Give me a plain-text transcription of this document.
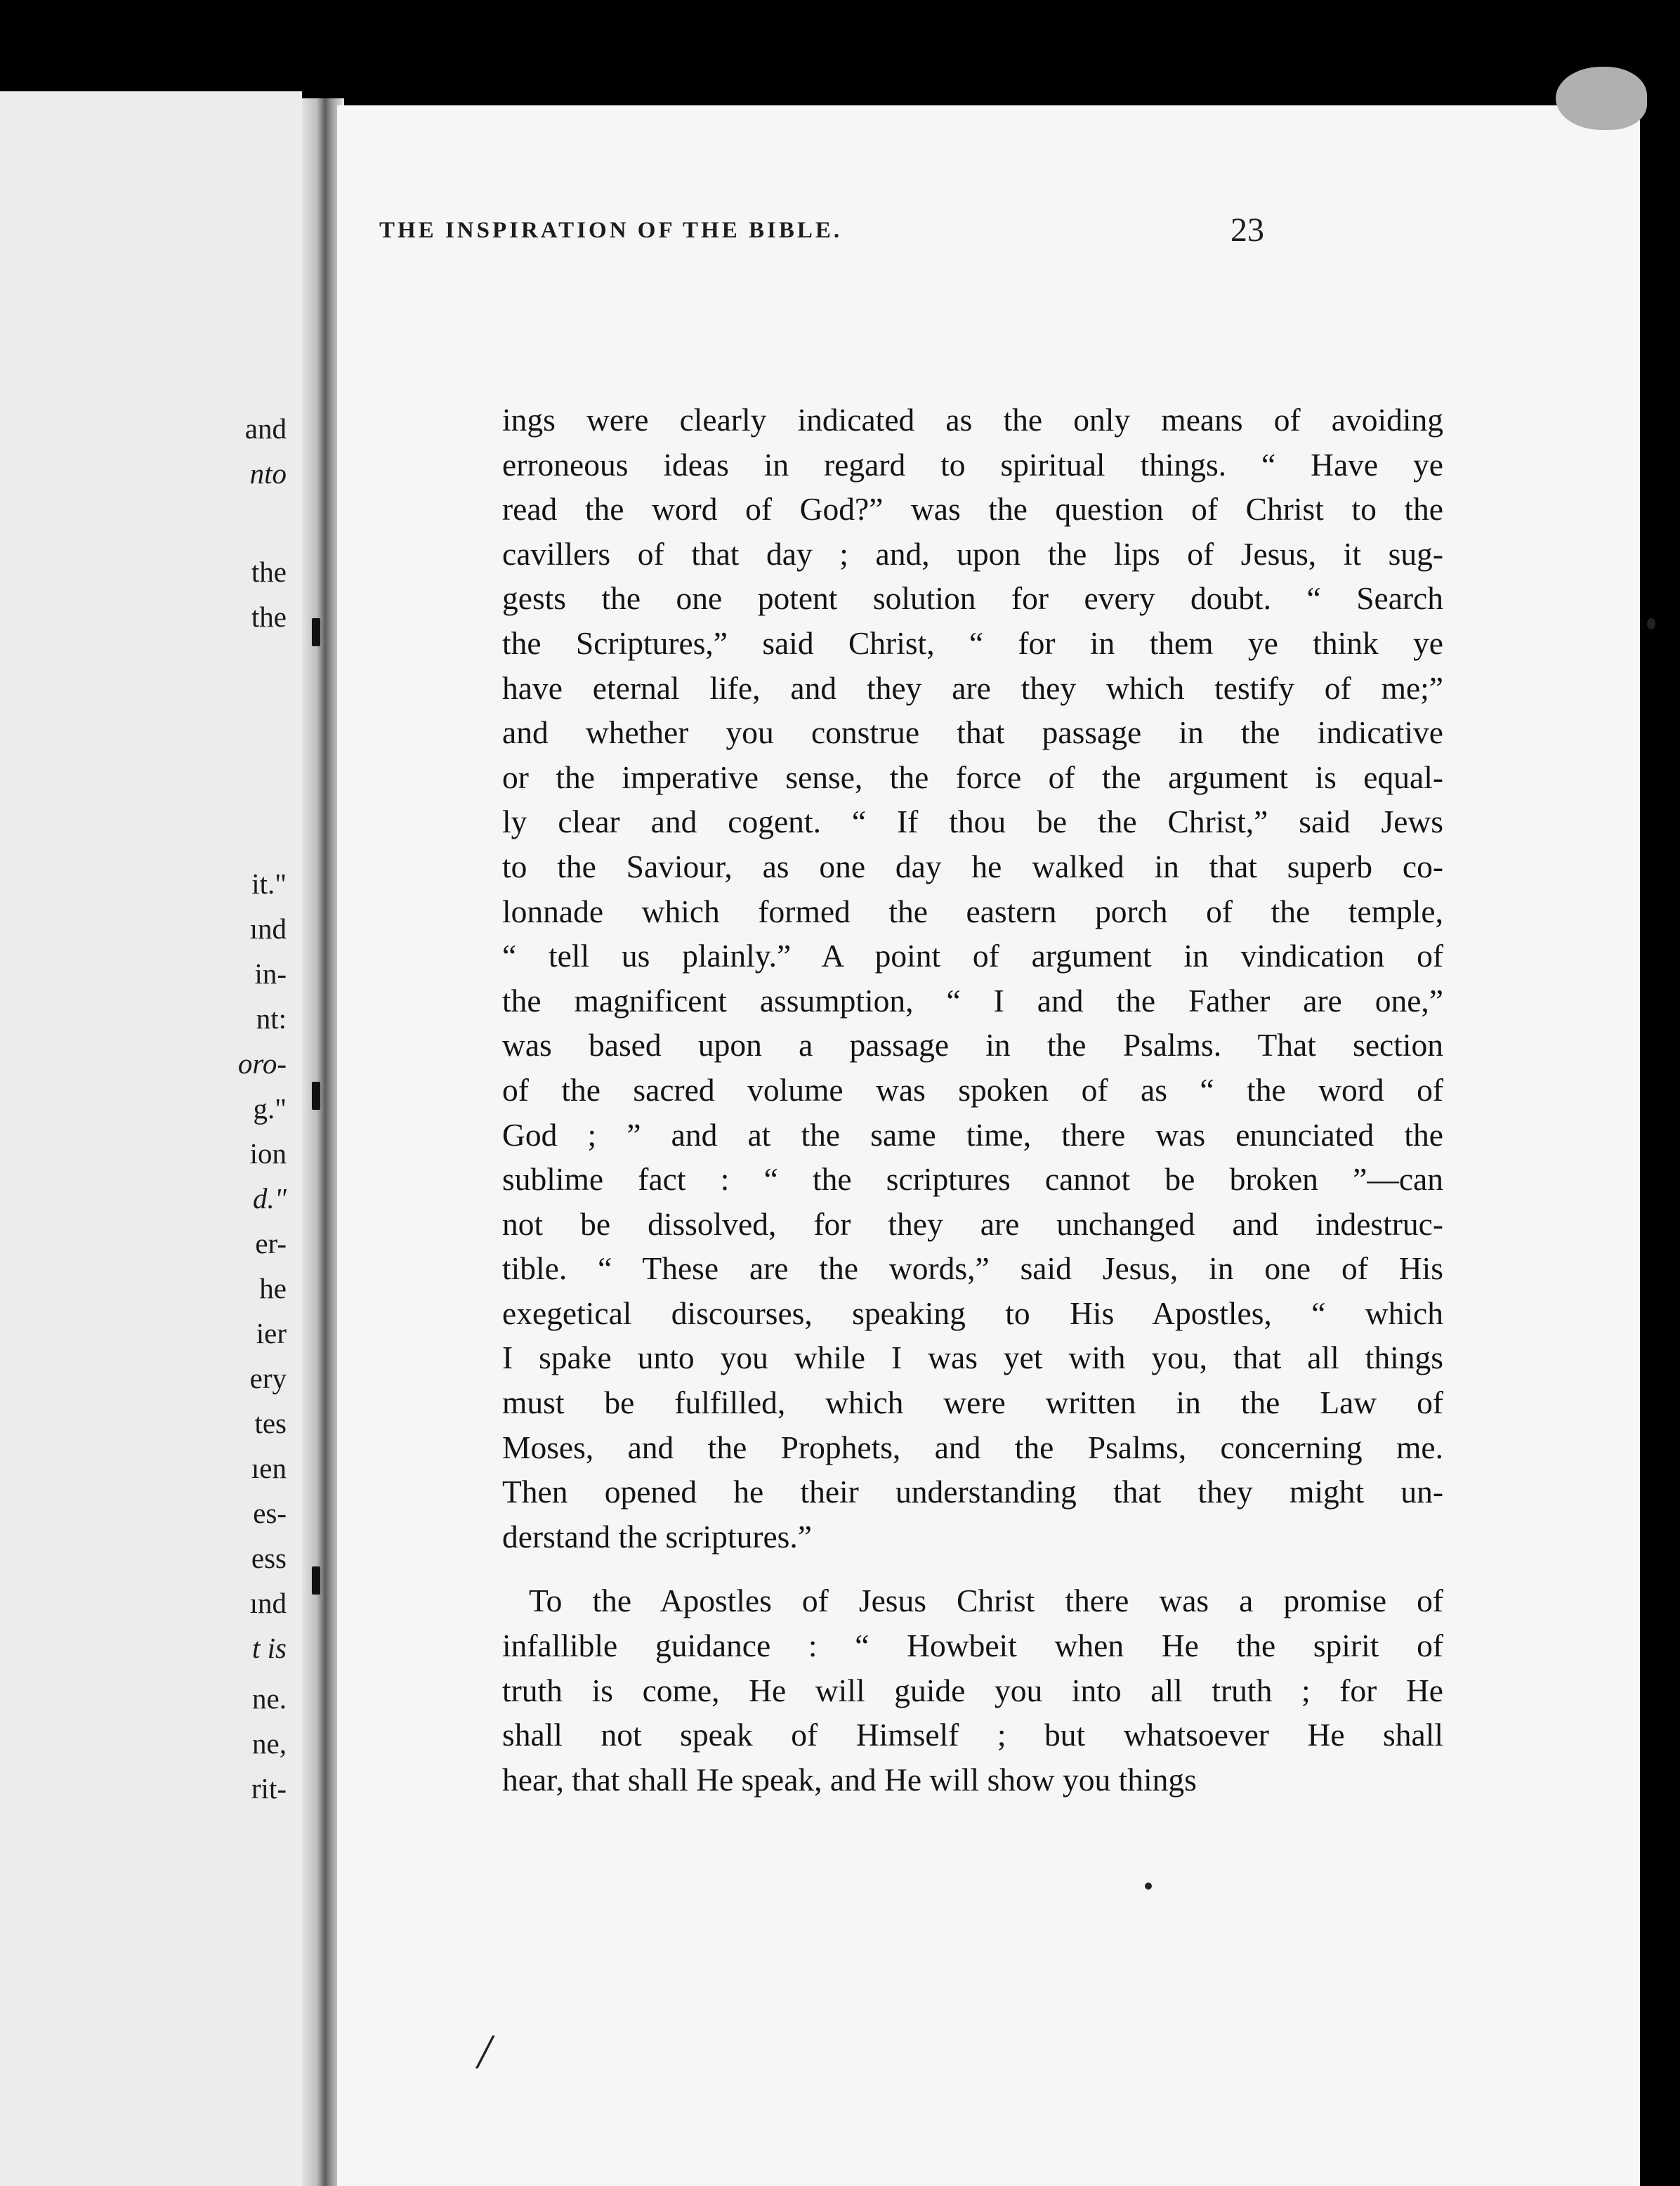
and
nto
the
the
it."
ınd
in-
nt:
oro-
g."
ion
d."
er-
he
ier
ery
tes
ıen
es-
ess
ınd
t is
ne.
ne,
rit-
THE INSPIRATION OF THE BIBLE.	23
ings were clearly indicated as the only means of avoiding
erroneous ideas in regard to spiritual things. “ Have ye
read the word of God?” was the question of Christ to the
cavillers of that day ; and, upon the lips of Jesus, it sug-
gests the one potent solution for every doubt. “ Search
the Scriptures,” said Christ, “ for in them ye think ye
have eternal life, and they are they which testify of me;”
and whether you construe that passage in the indicative
or the imperative sense, the force of the argument is equal-
ly clear and cogent. “ If thou be the Christ,” said Jews
to the Saviour, as one day he walked in that superb co-
lonnade which formed the eastern porch of the temple,
“ tell us plainly.” A point of argument in vindication of
the magnificent assumption, “ I and the Father are one,”
was based upon a passage in the Psalms. That section
of the sacred volume was spoken of as “ the word of
God ; ” and at the same time, there was enunciated the
sublime fact : “ the scriptures cannot be broken ”—can
not be dissolved, for they are unchanged and indestruc-
tible. “ These are the words,” said Jesus, in one of His
exegetical discourses, speaking to His Apostles, “ which
I spake unto you while I was yet with you, that all things
must be fulfilled, which were written in the Law of
Moses, and the Prophets, and the Psalms, concerning me.
Then opened he their understanding that they might un-
derstand the scriptures.”
To the Apostles of Jesus Christ there was a promise of
infallible guidance : “ Howbeit when He the spirit of
truth is come, He will guide you into all truth ; for He
shall not speak of Himself ; but whatsoever He shall
hear, that shall He speak, and He will show you things
/
